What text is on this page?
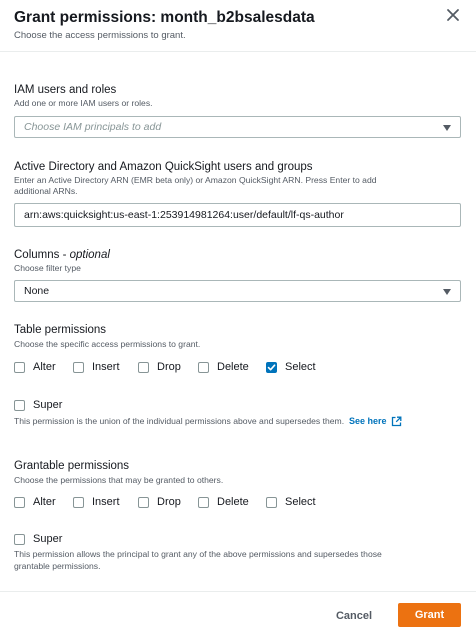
Grant permissions: month_b2bsalesdata
Choose the access permissions to grant.
IAM users and roles
Add one or more IAM users or roles.
Choose IAM principals to add
Active Directory and Amazon QuickSight users and groups
Enter an Active Directory ARN (EMR beta only) or Amazon QuickSight ARN. Press Enter to add
additional ARNs.
arn:aws:quicksight:us-east-1:253914981264:user/default/lf-qs-author
Columns - optional
Choose filter type
None
Table permissions
Choose the specific access permissions to grant.
Alter	Insert	Drop	Delete	Select
Super
This permission is the union of the individual permissions above and supersedes them. See here
Grantable permissions
Choose the permissions that may be granted to others.
Alter	Insert	Drop	Delete	Select
Super
This permission allows the principal to grant any of the above permissions and supersedes those
grantable permissions.
Cancel	Grant
